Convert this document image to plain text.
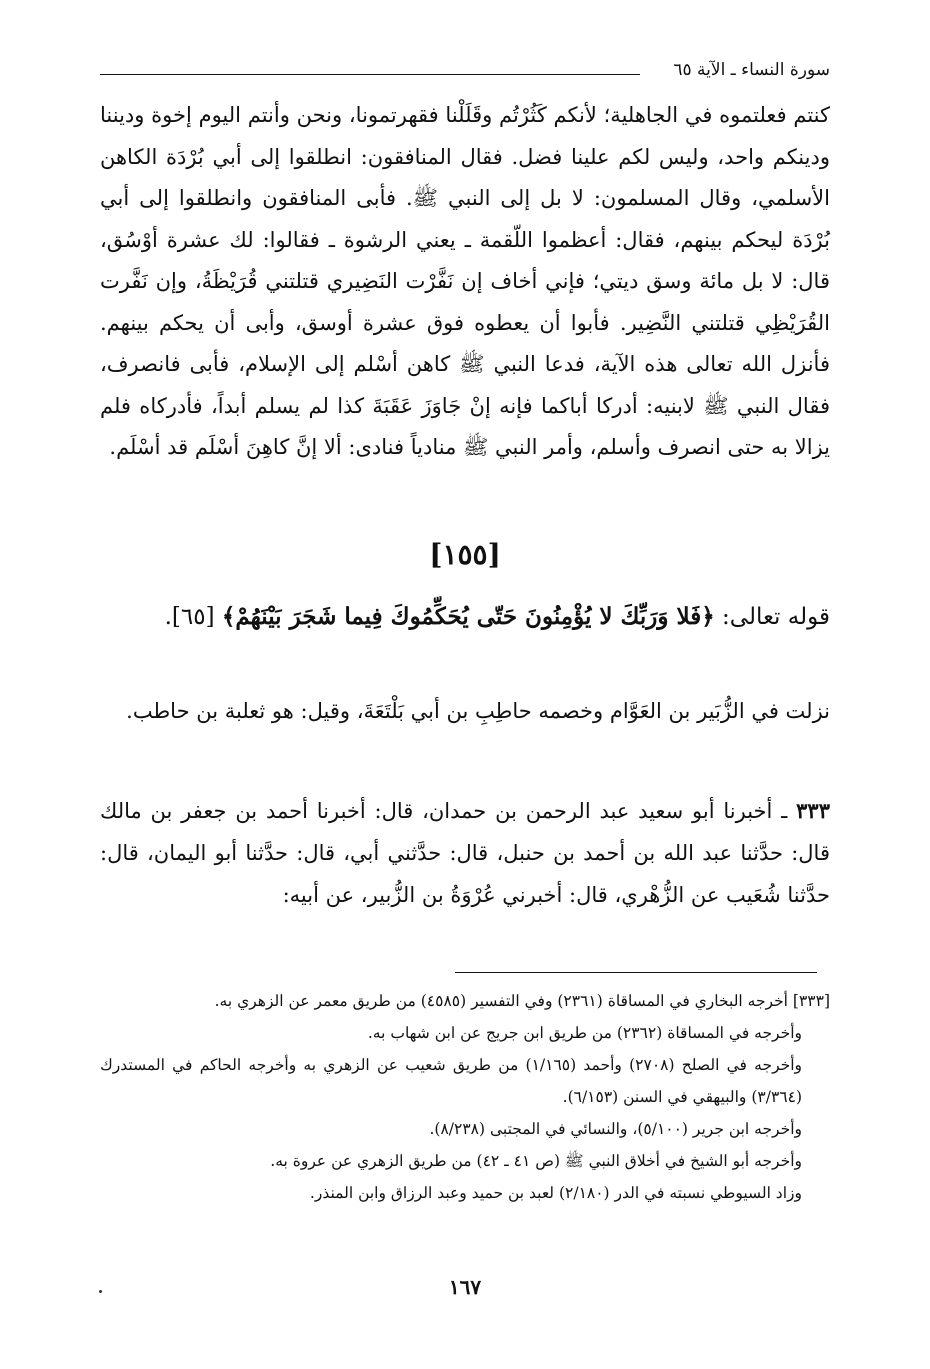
سورة النساء ـ الآية ٦٥

كنتم فعلتموه في الجاهلية؛ لأنكم كَثُرْتُم وقَلَلْنا فقهرتمونا، ونحن وأنتم اليوم إخوة وديننا ودينكم واحد، وليس لكم علينا فضل. فقال المنافقون: انطلقوا إلى أبي بُرْدَة الكاهن الأسلمي، وقال المسلمون: لا بل إلى النبي ﷺ. فأبى المنافقون وانطلقوا إلى أبي بُرْدَة ليحكم بينهم، فقال: أعظموا اللّقمة ـ يعني الرشوة ـ فقالوا: لك عشرة أوْسُق، قال: لا بل مائة وسق ديتي؛ فإني أخاف إن نَفَّرْت النَضِيري قتلتني قُرَيْظَةُ، وإن نَفَّرت القُرَيْظِي قتلتني النَّضِير. فأبوا أن يعطوه فوق عشرة أوسق، وأبى أن يحكم بينهم. فأنزل الله تعالى هذه الآية، فدعا النبي ﷺ كاهن أسْلم إلى الإسلام، فأبى فانصرف، فقال النبي ﷺ لابنيه: أدركا أباكما فإنه إنْ جَاوَزَ عَقَبَةَ كذا لم يسلم أبداً، فأدركاه فلم يزالا به حتى انصرف وأسلم، وأمر النبي ﷺ منادياً فنادى: ألا إنَّ كاهِنَ أسْلَم قد أسْلَم.

[١٥٥]
قوله تعالى: ﴿فَلا وَرَبِّكَ لا يُؤْمِنُونَ حَتّى يُحَكِّمُوكَ فِيما شَجَرَ بَيْنَهُمْ﴾ [٦٥].
نزلت في الزُّبَير بن العَوَّام وخصمه حاطِبِ بن أبي بَلْتَعَةَ، وقيل: هو ثعلبة بن حاطب.
٣٣٣ ـ أخبرنا أبو سعيد عبد الرحمن بن حمدان، قال: أخبرنا أحمد بن جعفر بن مالك قال: حدَّثنا عبد الله بن أحمد بن حنبل، قال: حدَّثني أبي، قال: حدَّثنا أبو اليمان، قال: حدَّثنا شُعَيب عن الزُّهْري، قال: أخبرني عُرْوَةُ بن الزُّبير، عن أبيه:

[٣٣٣] أخرجه البخاري في المساقاة (٢٣٦١) وفي التفسير (٤٥٨٥) من طريق معمر عن الزهري به.

وأخرجه في المساقاة (٢٣٦٢) من طريق ابن جريج عن ابن شهاب به.

وأخرجه في الصلح (٢٧٠٨) وأحمد (١/١٦٥) من طريق شعيب عن الزهري به وأخرجه الحاكم في المستدرك (٣/٣٦٤) والبيهقي في السنن (٦/١٥٣).

وأخرجه ابن جرير (٥/١٠٠)، والنسائي في المجتبى (٨/٢٣٨).

وأخرجه أبو الشيخ في أخلاق النبي ﷺ (ص ٤١ ـ ٤٢) من طريق الزهري عن عروة به.

وزاد السيوطي نسبته في الدر (٢/١٨٠) لعبد بن حميد وعبد الرزاق وابن المنذر.

١٦٧
